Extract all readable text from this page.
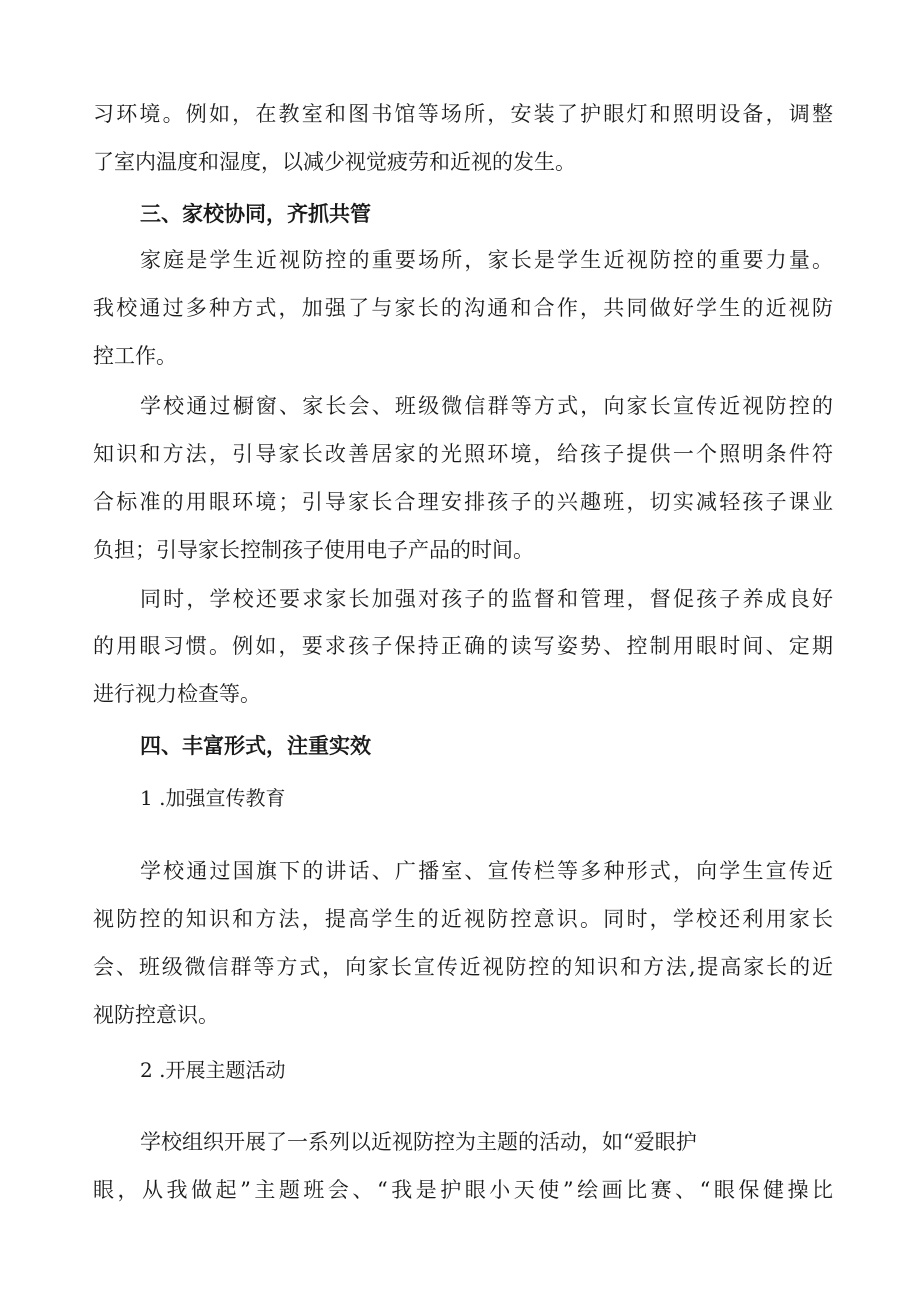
习环境。例如，在教室和图书馆等场所，安装了护眼灯和照明设备，调整
了室内温度和湿度，以减少视觉疲劳和近视的发生。
三、家校协同，齐抓共管
家庭是学生近视防控的重要场所，家长是学生近视防控的重要力量。
我校通过多种方式，加强了与家长的沟通和合作，共同做好学生的近视防
控工作。
学校通过橱窗、家长会、班级微信群等方式，向家长宣传近视防控的
知识和方法，引导家长改善居家的光照环境，给孩子提供一个照明条件符
合标准的用眼环境；引导家长合理安排孩子的兴趣班，切实减轻孩子课业
负担；引导家长控制孩子使用电子产品的时间。
同时，学校还要求家长加强对孩子的监督和管理，督促孩子养成良好
的用眼习惯。例如，要求孩子保持正确的读写姿势、控制用眼时间、定期
进行视力检查等。
四、丰富形式，注重实效
1 .加强宣传教育
学校通过国旗下的讲话、广播室、宣传栏等多种形式，向学生宣传近
视防控的知识和方法，提高学生的近视防控意识。同时，学校还利用家长
会、班级微信群等方式，向家长宣传近视防控的知识和方法,提高家长的近
视防控意识。
2 .开展主题活动
学校组织开展了一系列以近视防控为主题的活动，如“爱眼护
眼，从我做起”主题班会、“我是护眼小天使”绘画比赛、“眼保健操比
